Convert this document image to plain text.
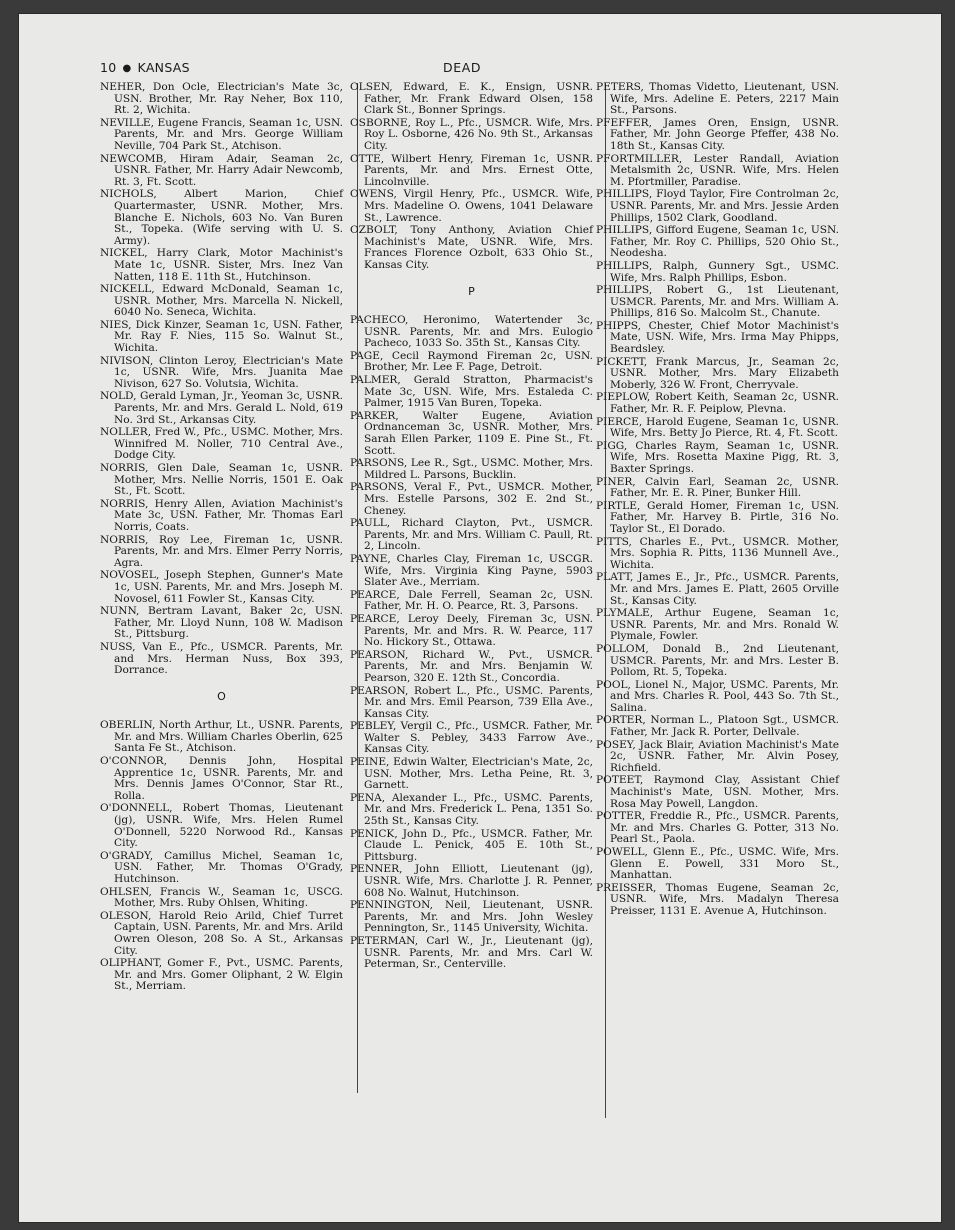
10 ● KANSAS	DEAD
NEHER, Don Ocle, Electrician's Mate 3c, USN. Brother, Mr. Ray Neher, Box 110, Rt. 2, Wichita.
NEVILLE, Eugene Francis, Seaman 1c, USN. Parents, Mr. and Mrs. George William Neville, 704 Park St., Atchison.
NEWCOMB, Hiram Adair, Seaman 2c, USNR. Father, Mr. Harry Adair Newcomb, Rt. 3, Ft. Scott.
NICHOLS, Albert Marion, Chief Quartermaster, USNR. Mother, Mrs. Blanche E. Nichols, 603 No. Van Buren St., Topeka. (Wife serving with U. S. Army).
NICKEL, Harry Clark, Motor Machinist's Mate 1c, USNR. Sister, Mrs. Inez Van Natten, 118 E. 11th St., Hutchinson.
NICKELL, Edward McDonald, Seaman 1c, USNR. Mother, Mrs. Marcella N. Nickell, 6040 No. Seneca, Wichita.
NIES, Dick Kinzer, Seaman 1c, USN. Father, Mr. Ray F. Nies, 115 So. Walnut St., Wichita.
NIVISON, Clinton Leroy, Electrician's Mate 1c, USNR. Wife, Mrs. Juanita Mae Nivison, 627 So. Volutsia, Wichita.
NOLD, Gerald Lyman, Jr., Yeoman 3c, USNR. Parents, Mr. and Mrs. Gerald L. Nold, 619 No. 3rd St., Arkansas City.
NOLLER, Fred W., Pfc., USMC. Mother, Mrs. Winnifred M. Noller, 710 Central Ave., Dodge City.
NORRIS, Glen Dale, Seaman 1c, USNR. Mother, Mrs. Nellie Norris, 1501 E. Oak St., Ft. Scott.
NORRIS, Henry Allen, Aviation Machinist's Mate 3c, USN. Father, Mr. Thomas Earl Norris, Coats.
NORRIS, Roy Lee, Fireman 1c, USNR. Parents, Mr. and Mrs. Elmer Perry Norris, Agra.
NOVOSEL, Joseph Stephen, Gunner's Mate 1c, USN. Parents, Mr. and Mrs. Joseph M. Novosel, 611 Fowler St., Kansas City.
NUNN, Bertram Lavant, Baker 2c, USN. Father, Mr. Lloyd Nunn, 108 W. Madison St., Pittsburg.
NUSS, Van E., Pfc., USMCR. Parents, Mr. and Mrs. Herman Nuss, Box 393, Dorrance.
O
OBERLIN, North Arthur, Lt., USNR. Parents, Mr. and Mrs. William Charles Oberlin, 625 Santa Fe St., Atchison.
O'CONNOR, Dennis John, Hospital Apprentice 1c, USNR. Parents, Mr. and Mrs. Dennis James O'Connor, Star Rt., Rolla.
O'DONNELL, Robert Thomas, Lieutenant (jg), USNR. Wife, Mrs. Helen Rumel O'Donnell, 5220 Norwood Rd., Kansas City.
O'GRADY, Camillus Michel, Seaman 1c, USN. Father, Mr. Thomas O'Grady, Hutchinson.
OHLSEN, Francis W., Seaman 1c, USCG. Mother, Mrs. Ruby Ohlsen, Whiting.
OLESON, Harold Reio Arild, Chief Turret Captain, USN. Parents, Mr. and Mrs. Arild Owren Oleson, 208 So. A St., Arkansas City.
OLIPHANT, Gomer F., Pvt., USMC. Parents, Mr. and Mrs. Gomer Oliphant, 2 W. Elgin St., Merriam.
OLSEN, Edward, E. K., Ensign, USNR. Father, Mr. Frank Edward Olsen, 158 Clark St., Bonner Springs.
OSBORNE, Roy L., Pfc., USMCR. Wife, Mrs. Roy L. Osborne, 426 No. 9th St., Arkansas City.
OTTE, Wilbert Henry, Fireman 1c, USNR. Parents, Mr. and Mrs. Ernest Otte, Lincolnville.
OWENS, Virgil Henry, Pfc., USMCR. Wife, Mrs. Madeline O. Owens, 1041 Delaware St., Lawrence.
OZBOLT, Tony Anthony, Aviation Chief Machinist's Mate, USNR. Wife, Mrs. Frances Florence Ozbolt, 633 Ohio St., Kansas City.
P
PACHECO, Heronimo, Watertender 3c, USNR. Parents, Mr. and Mrs. Eulogio Pacheco, 1033 So. 35th St., Kansas City.
PAGE, Cecil Raymond Fireman 2c, USN. Brother, Mr. Lee F. Page, Detroit.
PALMER, Gerald Stratton, Pharmacist's Mate 3c, USN. Wife, Mrs. Estaleda C. Palmer, 1915 Van Buren, Topeka.
PARKER, Walter Eugene, Aviation Ordnanceman 3c, USNR. Mother, Mrs. Sarah Ellen Parker, 1109 E. Pine St., Ft. Scott.
PARSONS, Lee R., Sgt., USMC. Mother, Mrs. Mildred L. Parsons, Bucklin.
PARSONS, Veral F., Pvt., USMCR. Mother, Mrs. Estelle Parsons, 302 E. 2nd St., Cheney.
PAULL, Richard Clayton, Pvt., USMCR. Parents, Mr. and Mrs. William C. Paull, Rt. 2, Lincoln.
PAYNE, Charles Clay, Fireman 1c, USCGR. Wife, Mrs. Virginia King Payne, 5903 Slater Ave., Merriam.
PEARCE, Dale Ferrell, Seaman 2c, USN. Father, Mr. H. O. Pearce, Rt. 3, Parsons.
PEARCE, Leroy Deely, Fireman 3c, USN. Parents, Mr. and Mrs. R. W. Pearce, 117 No. Hickory St., Ottawa.
PEARSON, Richard W., Pvt., USMCR. Parents, Mr. and Mrs. Benjamin W. Pearson, 320 E. 12th St., Concordia.
PEARSON, Robert L., Pfc., USMC. Parents, Mr. and Mrs. Emil Pearson, 739 Ella Ave., Kansas City.
PEBLEY, Vergil C., Pfc., USMCR. Father, Mr. Walter S. Pebley, 3433 Farrow Ave., Kansas City.
PEINE, Edwin Walter, Electrician's Mate, 2c, USN. Mother, Mrs. Letha Peine, Rt. 3, Garnett.
PENA, Alexander L., Pfc., USMC. Parents, Mr. and Mrs. Frederick L. Pena, 1351 So. 25th St., Kansas City.
PENICK, John D., Pfc., USMCR. Father, Mr. Claude L. Penick, 405 E. 10th St., Pittsburg.
PENNER, John Elliott, Lieutenant (jg), USNR. Wife, Mrs. Charlotte J. R. Penner, 608 No. Walnut, Hutchinson.
PENNINGTON, Neil, Lieutenant, USNR. Parents, Mr. and Mrs. John Wesley Pennington, Sr., 1145 University, Wichita.
PETERMAN, Carl W., Jr., Lieutenant (jg), USNR. Parents, Mr. and Mrs. Carl W. Peterman, Sr., Centerville.
PETERS, Thomas Videtto, Lieutenant, USN. Wife, Mrs. Adeline E. Peters, 2217 Main St., Parsons.
PFEFFER, James Oren, Ensign, USNR. Father, Mr. John George Pfeffer, 438 No. 18th St., Kansas City.
PFORTMILLER, Lester Randall, Aviation Metalsmith 2c, USNR. Wife, Mrs. Helen M. Pfortmiller, Paradise.
PHILLIPS, Floyd Taylor, Fire Controlman 2c, USNR. Parents, Mr. and Mrs. Jessie Arden Phillips, 1502 Clark, Goodland.
PHILLIPS, Gifford Eugene, Seaman 1c, USN. Father, Mr. Roy C. Phillips, 520 Ohio St., Neodesha.
PHILLIPS, Ralph, Gunnery Sgt., USMC. Wife, Mrs. Ralph Phillips, Esbon.
PHILLIPS, Robert G., 1st Lieutenant, USMCR. Parents, Mr. and Mrs. William A. Phillips, 816 So. Malcolm St., Chanute.
PHIPPS, Chester, Chief Motor Machinist's Mate, USN. Wife, Mrs. Irma May Phipps, Beardsley.
PICKETT, Frank Marcus, Jr., Seaman 2c, USNR. Mother, Mrs. Mary Elizabeth Moberly, 326 W. Front, Cherryvale.
PIEPLOW, Robert Keith, Seaman 2c, USNR. Father, Mr. R. F. Peiplow, Plevna.
PIERCE, Harold Eugene, Seaman 1c, USNR. Wife, Mrs. Betty Jo Pierce, Rt. 4, Ft. Scott.
PIGG, Charles Raym, Seaman 1c, USNR. Wife, Mrs. Rosetta Maxine Pigg, Rt. 3, Baxter Springs.
PINER, Calvin Earl, Seaman 2c, USNR. Father, Mr. E. R. Piner, Bunker Hill.
PIRTLE, Gerald Homer, Fireman 1c, USN. Father, Mr. Harvey B. Pirtle, 316 No. Taylor St., El Dorado.
PITTS, Charles E., Pvt., USMCR. Mother, Mrs. Sophia R. Pitts, 1136 Munnell Ave., Wichita.
PLATT, James E., Jr., Pfc., USMCR. Parents, Mr. and Mrs. James E. Platt, 2605 Orville St., Kansas City.
PLYMALE, Arthur Eugene, Seaman 1c, USNR. Parents, Mr. and Mrs. Ronald W. Plymale, Fowler.
POLLOM, Donald B., 2nd Lieutenant, USMCR. Parents, Mr. and Mrs. Lester B. Pollom, Rt. 5, Topeka.
POOL, Lionel N., Major, USMC. Parents, Mr. and Mrs. Charles R. Pool, 443 So. 7th St., Salina.
PORTER, Norman L., Platoon Sgt., USMCR. Father, Mr. Jack R. Porter, Dellvale.
POSEY, Jack Blair, Aviation Machinist's Mate 2c, USNR. Father, Mr. Alvin Posey, Richfield.
POTEET, Raymond Clay, Assistant Chief Machinist's Mate, USN. Mother, Mrs. Rosa May Powell, Langdon.
POTTER, Freddie R., Pfc., USMCR. Parents, Mr. and Mrs. Charles G. Potter, 313 No. Pearl St., Paola.
POWELL, Glenn E., Pfc., USMC. Wife, Mrs. Glenn E. Powell, 331 Moro St., Manhattan.
PREISSER, Thomas Eugene, Seaman 2c, USNR. Wife, Mrs. Madalyn Theresa Preisser, 1131 E. Avenue A, Hutchinson.
